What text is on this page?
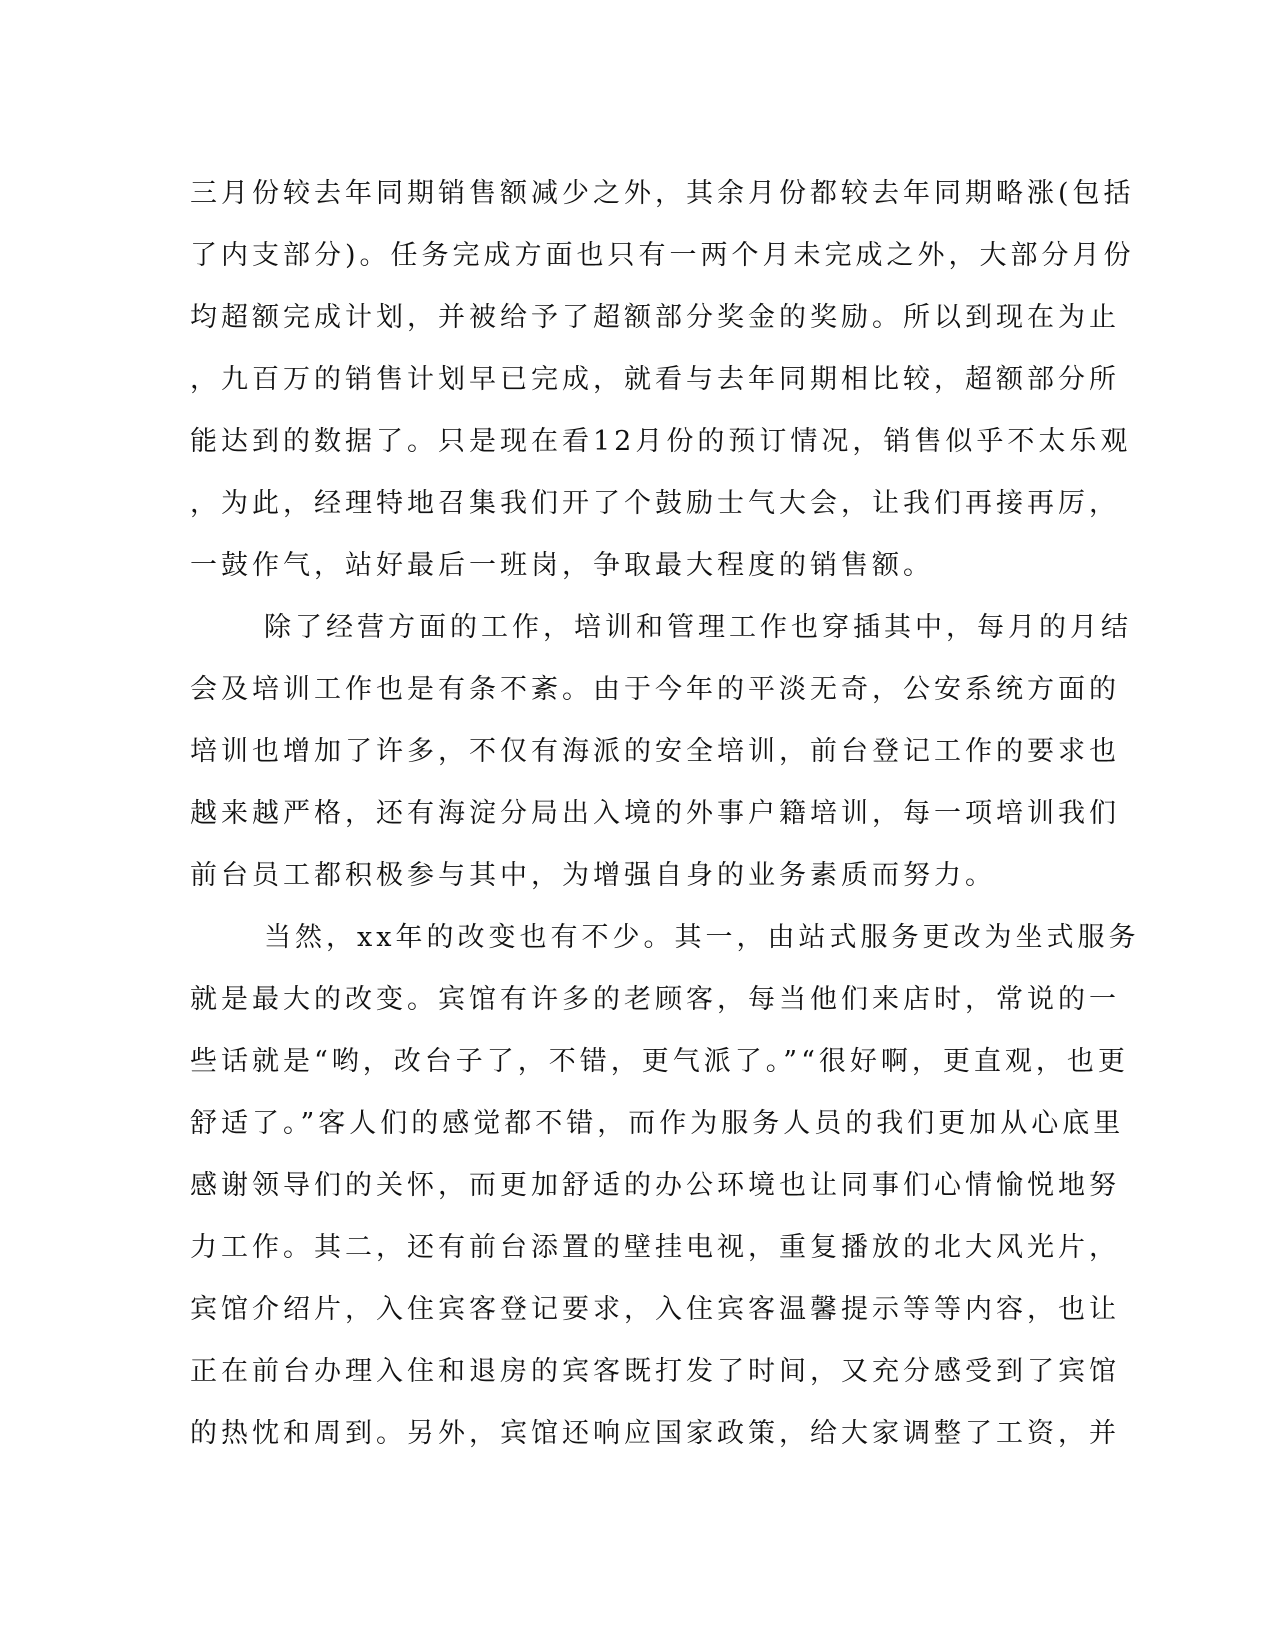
三月份较去年同期销售额减少之外，其余月份都较去年同期略涨(包括
了内支部分)。任务完成方面也只有一两个月未完成之外，大部分月份
均超额完成计划，并被给予了超额部分奖金的奖励。所以到现在为止
，九百万的销售计划早已完成，就看与去年同期相比较，超额部分所
能达到的数据了。只是现在看12月份的预订情况，销售似乎不太乐观
，为此，经理特地召集我们开了个鼓励士气大会，让我们再接再厉，
一鼓作气，站好最后一班岗，争取最大程度的销售额。
除了经营方面的工作，培训和管理工作也穿插其中，每月的月结
会及培训工作也是有条不紊。由于今年的平淡无奇，公安系统方面的
培训也增加了许多，不仅有海派的安全培训，前台登记工作的要求也
越来越严格，还有海淀分局出入境的外事户籍培训，每一项培训我们
前台员工都积极参与其中，为增强自身的业务素质而努力。
当然，xx年的改变也有不少。其一，由站式服务更改为坐式服务
就是最大的改变。宾馆有许多的老顾客，每当他们来店时，常说的一
些话就是“哟，改台子了，不错，更气派了。”“很好啊，更直观，也更
舒适了。”客人们的感觉都不错，而作为服务人员的我们更加从心底里
感谢领导们的关怀，而更加舒适的办公环境也让同事们心情愉悦地努
力工作。其二，还有前台添置的壁挂电视，重复播放的北大风光片，
宾馆介绍片，入住宾客登记要求，入住宾客温馨提示等等内容，也让
正在前台办理入住和退房的宾客既打发了时间，又充分感受到了宾馆
的热忱和周到。另外，宾馆还响应国家政策，给大家调整了工资，并
